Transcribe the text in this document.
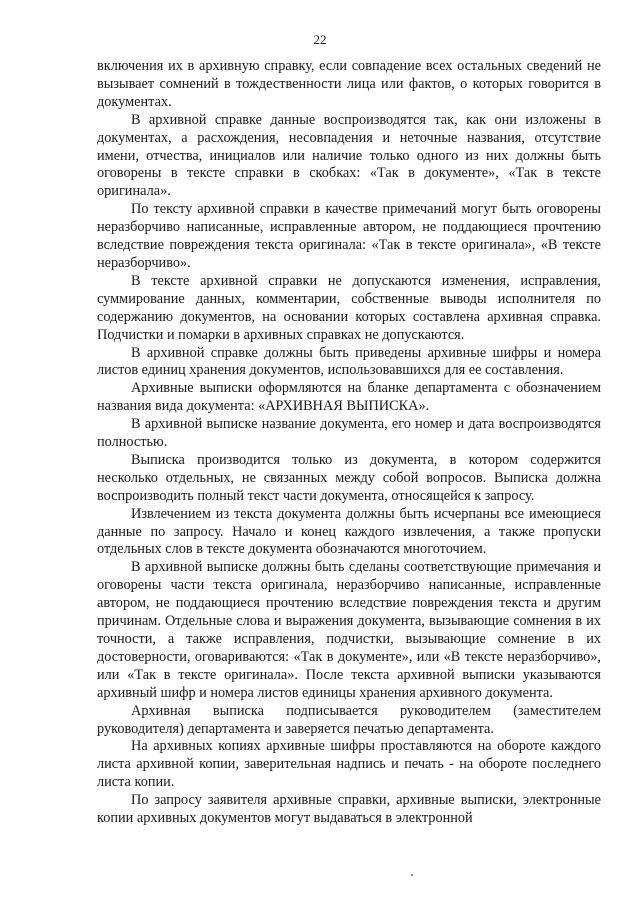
22

включения их в архивную справку, если совпадение всех остальных сведений не вызывает сомнений в тождественности лица или фактов, о которых говорится в документах.

В архивной справке данные воспроизводятся так, как они изложены в документах, а расхождения, несовпадения и неточные названия, отсутствие имени, отчества, инициалов или наличие только одного из них должны быть оговорены в тексте справки в скобках: «Так в документе», «Так в тексте оригинала».

По тексту архивной справки в качестве примечаний могут быть оговорены неразборчиво написанные, исправленные автором, не поддающиеся прочтению вследствие повреждения текста оригинала: «Так в тексте оригинала», «В тексте неразборчиво».

В тексте архивной справки не допускаются изменения, исправления, суммирование данных, комментарии, собственные выводы исполнителя по содержанию документов, на основании которых составлена архивная справка. Подчистки и помарки в архивных справках не допускаются.

В архивной справке должны быть приведены архивные шифры и номера листов единиц хранения документов, использовавшихся для ее составления.

Архивные выписки оформляются на бланке департамента с обозначением названия вида документа: «АРХИВНАЯ ВЫПИСКА».

В архивной выписке название документа, его номер и дата воспроизводятся полностью.

Выписка производится только из документа, в котором содержится несколько отдельных, не связанных между собой вопросов. Выписка должна воспроизводить полный текст части документа, относящейся к запросу.

Извлечением из текста документа должны быть исчерпаны все имеющиеся данные по запросу. Начало и конец каждого извлечения, а также пропуски отдельных слов в тексте документа обозначаются многоточием.

В архивной выписке должны быть сделаны соответствующие примечания и оговорены части текста оригинала, неразборчиво написанные, исправленные автором, не поддающиеся прочтению вследствие повреждения текста и другим причинам. Отдельные слова и выражения документа, вызывающие сомнения в их точности, а также исправления, подчистки, вызывающие сомнение в их достоверности, оговариваются: «Так в документе», или «В тексте неразборчиво», или «Так в тексте оригинала». После текста архивной выписки указываются архивный шифр и номера листов единицы хранения архивного документа.

Архивная выписка подписывается руководителем (заместителем руководителя) департамента и заверяется печатью департамента.

На архивных копиях архивные шифры проставляются на обороте каждого листа архивной копии, заверительная надпись и печать - на обороте последнего листа копии.

По запросу заявителя архивные справки, архивные выписки, электронные копии архивных документов могут выдаваться в электронной
